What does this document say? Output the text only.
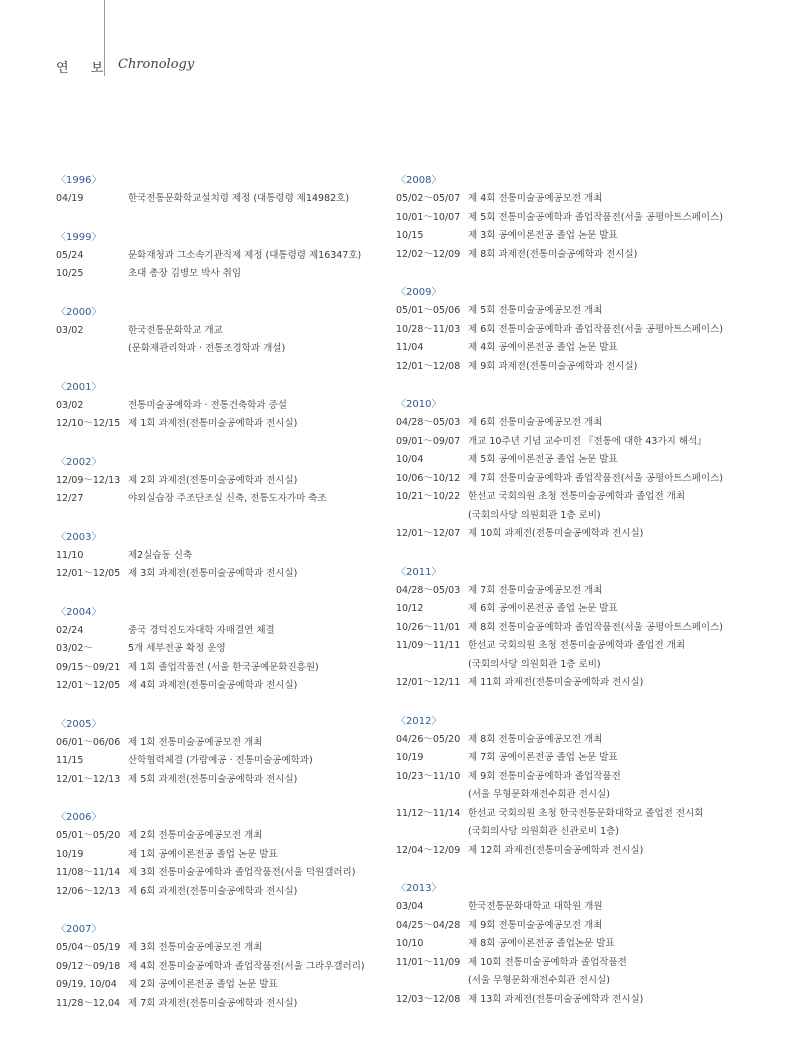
연 보 Chronology
〈1996〉
04/19	한국전통문화학교설치령 제정 (대통령령 제14982호)
〈1999〉
05/24	문화재청과 그소속기관직제 제정 (대통령령 제16347호)
10/25	초대 총장 김병모 박사 취임
〈2000〉
03/02	한국전통문화학교 개교
(문화재관리학과 · 전통조경학과 개설)
〈2001〉
03/02	전통미술공예학과 · 전통건축학과 증설
12/10～12/15 제 1회 과제전(전통미술공예학과 전시실)
〈2002〉
12/09～12/13 제 2회 과제전(전통미술공예학과 전시실)
12/27	야외실습장 주조단조실 신축, 전통도자가마 축조
〈2003〉
11/10	제2실습동 신축
12/01～12/05 제 3회 과제전(전통미술공예학과 전시실)
〈2004〉
02/24	중국 경덕진도자대학 자매결연 체결
03/02～	5개 세부전공 확정 운영
09/15～09/21 제 1회 졸업작품전 (서울 한국공예문화진흥원)
12/01～12/05 제 4회 과제전(전통미술공예학과 전시실)
〈2005〉
06/01～06/06 제 1회 전통미술공예공모전 개최
11/15	산학협력체결 (가람예공 · 전통미술공예학과)
12/01～12/13 제 5회 과제전(전통미술공예학과 전시실)
〈2006〉
05/01～05/20 제 2회 전통미술공예공모전 개최
10/19	제 1회 공예이론전공 졸업 논문 발표
11/08～11/14 제 3회 전통미술공예학과 졸업작품전(서울 덕원갤러리)
12/06～12/13 제 6회 과제전(전통미술공예학과 전시실)
〈2007〉
05/04～05/19 제 3회 전통미술공예공모전 개최
09/12～09/18 제 4회 전통미술공예학과 졸업작품전(서울 그라우갤러리)
09/19, 10/04	제 2회 공예이론전공 졸업 논문 발표
11/28～12,04 제 7회 과제전(전통미술공예학과 전시실)
〈2008〉
05/02～05/07 제 4회 전통미술공예공모전 개최
10/01～10/07 제 5회 전통미술공예학과 졸업작품전(서울 공평아트스페이스)
10/15	제 3회 공예이론전공 졸업 논문 발표
12/02～12/09 제 8회 과제전(전통미술공예학과 전시실)
〈2009〉
05/01～05/06 제 5회 전통미술공예공모전 개최
10/28～11/03 제 6회 전통미술공예학과 졸업작품전(서울 공평아트스페이스)
11/04	제 4회 공예이론전공 졸업 논문 발표
12/01～12/08 제 9회 과제전(전통미술공예학과 전시실)
〈2010〉
04/28～05/03 제 6회 전통미술공예공모전 개최
09/01～09/07 개교 10주년 기념 교수미전 『전통에 대한 43가지 해석』
10/04	제 5회 공예이론전공 졸업 논문 발표
10/06～10/12 제 7회 전통미술공예학과 졸업작품전(서울 공평아트스페이스)
10/21～10/22 한선교 국회의원 초청 전통미술공예학과 졸업전 개최
(국회의사당 의원회관 1층 로비)
12/01～12/07 제 10회 과제전(전통미술공예학과 전시실)
〈2011〉
04/28～05/03 제 7회 전통미술공예공모전 개최
10/12	제 6회 공예이론전공 졸업 논문 발표
10/26～11/01 제 8회 전통미술공예학과 졸업작품전(서울 공평아트스페이스)
11/09～11/11 한선교 국회의원 초청 전통미술공예학과 졸업전 개최
(국회의사당 의원회관 1층 로비)
12/01～12/11 제 11회 과제전(전통미술공예학과 전시실)
〈2012〉
04/26～05/20 제 8회 전통미술공예공모전 개최
10/19	제 7회 공예이론전공 졸업 논문 발표
10/23～11/10 제 9회 전통미술공예학과 졸업작품전
(서울 무형문화재전수회관 전시실)
11/12～11/14 한선교 국회의원 초청 한국전통문화대학교 졸업전 전시회
(국회의사당 의원회관 신관로비 1층)
12/04～12/09 제 12회 과제전(전통미술공예학과 전시실)
〈2013〉
03/04	한국전통문화대학교 대학원 개원
04/25～04/28 제 9회 전통미술공예공모전 개최
10/10	제 8회 공예이론전공 졸업논문 발표
11/01～11/09 제 10회 전통미술공예학과 졸업작품전
(서울 무형문화재전수회관 전시실)
12/03～12/08 제 13회 과제전(전통미술공예학과 전시실)
